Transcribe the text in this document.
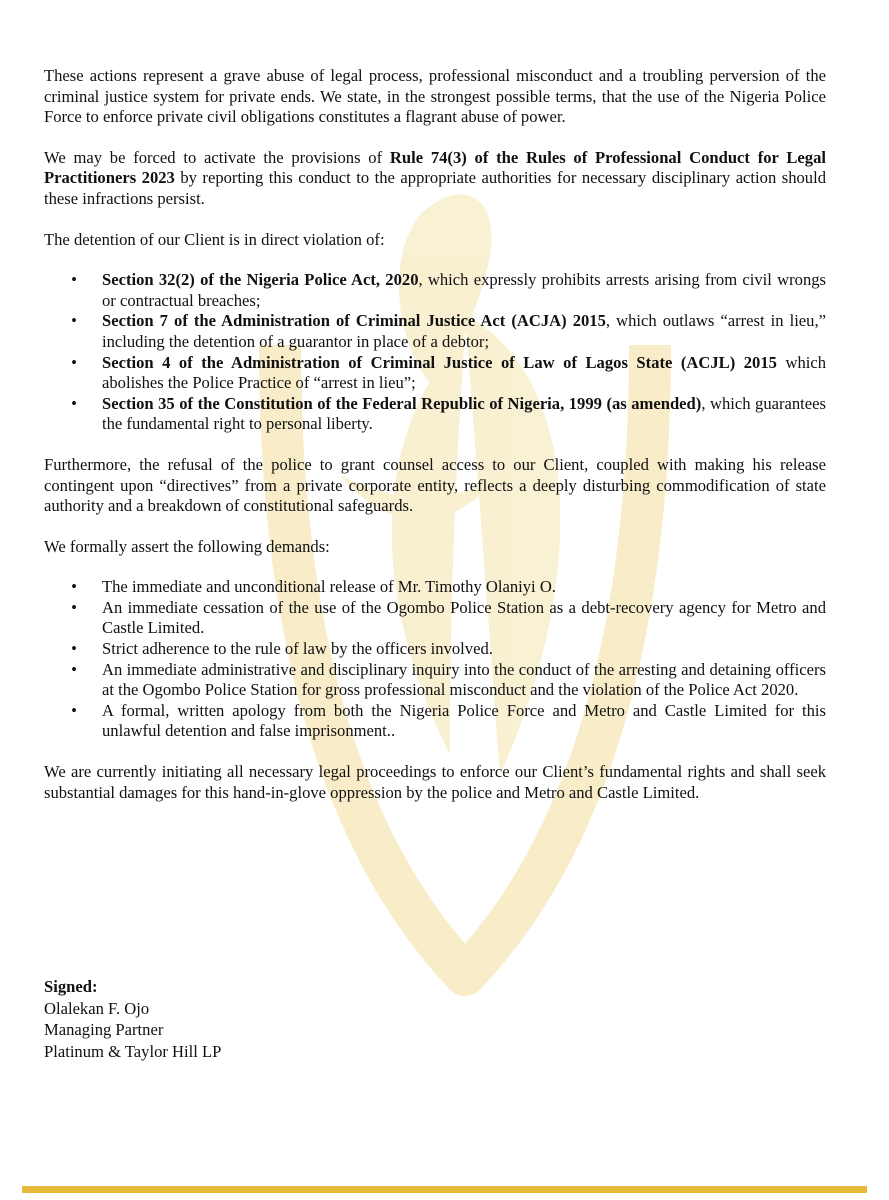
These actions represent a grave abuse of legal process, professional misconduct and a troubling perversion of the criminal justice system for private ends. We state, in the strongest possible terms, that the use of the Nigeria Police Force to enforce private civil obligations constitutes a flagrant abuse of power.

We may be forced to activate the provisions of Rule 74(3) of the Rules of Professional Conduct for Legal Practitioners 2023 by reporting this conduct to the appropriate authorities for necessary disciplinary action should these infractions persist.

The detention of our Client is in direct violation of:

• Section 32(2) of the Nigeria Police Act, 2020, which expressly prohibits arrests arising from civil wrongs or contractual breaches;
• Section 7 of the Administration of Criminal Justice Act (ACJA) 2015, which outlaws “arrest in lieu,” including the detention of a guarantor in place of a debtor;
• Section 4 of the Administration of Criminal Justice of Law of Lagos State (ACJL) 2015 which abolishes the Police Practice of “arrest in lieu”;
• Section 35 of the Constitution of the Federal Republic of Nigeria, 1999 (as amended), which guarantees the fundamental right to personal liberty.

Furthermore, the refusal of the police to grant counsel access to our Client, coupled with making his release contingent upon “directives” from a private corporate entity, reflects a deeply disturbing commodification of state authority and a breakdown of constitutional safeguards.

We formally assert the following demands:

• The immediate and unconditional release of Mr. Timothy Olaniyi O.
• An immediate cessation of the use of the Ogombo Police Station as a debt-recovery agency for Metro and Castle Limited.
• Strict adherence to the rule of law by the officers involved.
• An immediate administrative and disciplinary inquiry into the conduct of the arresting and detaining officers at the Ogombo Police Station for gross professional misconduct and the violation of the Police Act 2020.
• A formal, written apology from both the Nigeria Police Force and Metro and Castle Limited for this unlawful detention and false imprisonment..

We are currently initiating all necessary legal proceedings to enforce our Client’s fundamental rights and shall seek substantial damages for this hand-in-glove oppression by the police and Metro and Castle Limited.

Signed:
Olalekan F. Ojo
Managing Partner
Platinum & Taylor Hill LP
